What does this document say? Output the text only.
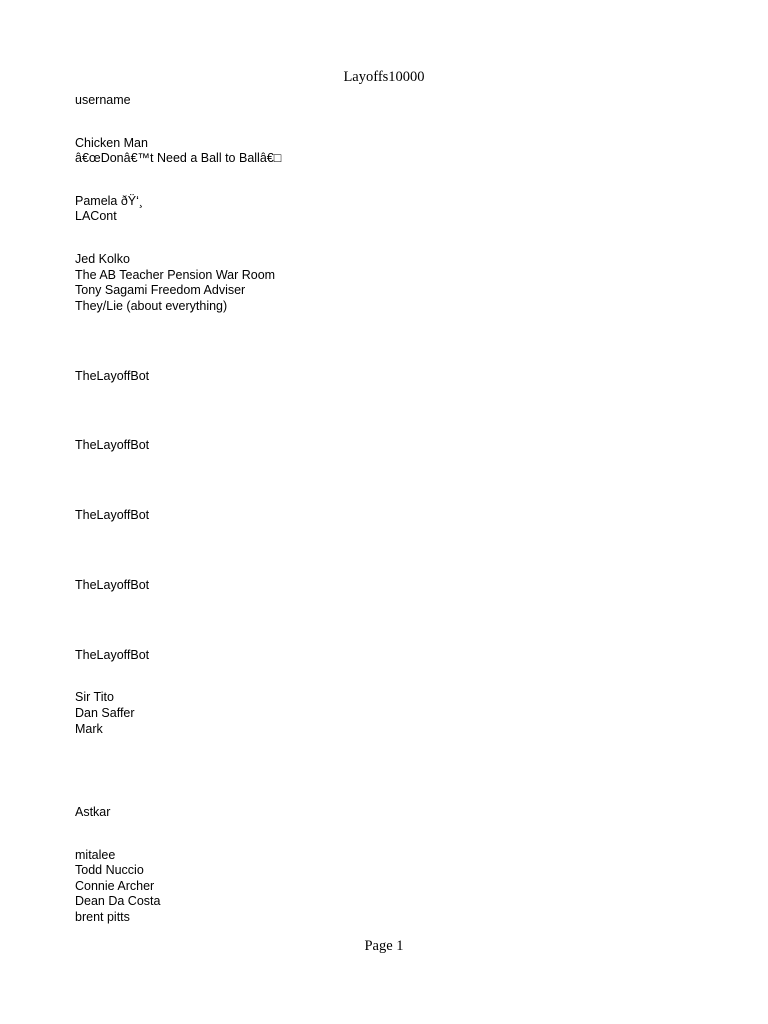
Layoffs10000
username
Chicken Man
â€œDonâ€™t Need a Ball to Ballâ€□
Pamela ðŸ‘¸
LACont
Jed Kolko
The AB Teacher Pension War Room
Tony Sagami Freedom Adviser
They/Lie (about everything)
TheLayoffBot
TheLayoffBot
TheLayoffBot
TheLayoffBot
TheLayoffBot
Sir Tito
Dan Saffer
Mark
Astkar
mitalee
Todd Nuccio
Connie Archer
Dean Da Costa
brent pitts
Page 1
